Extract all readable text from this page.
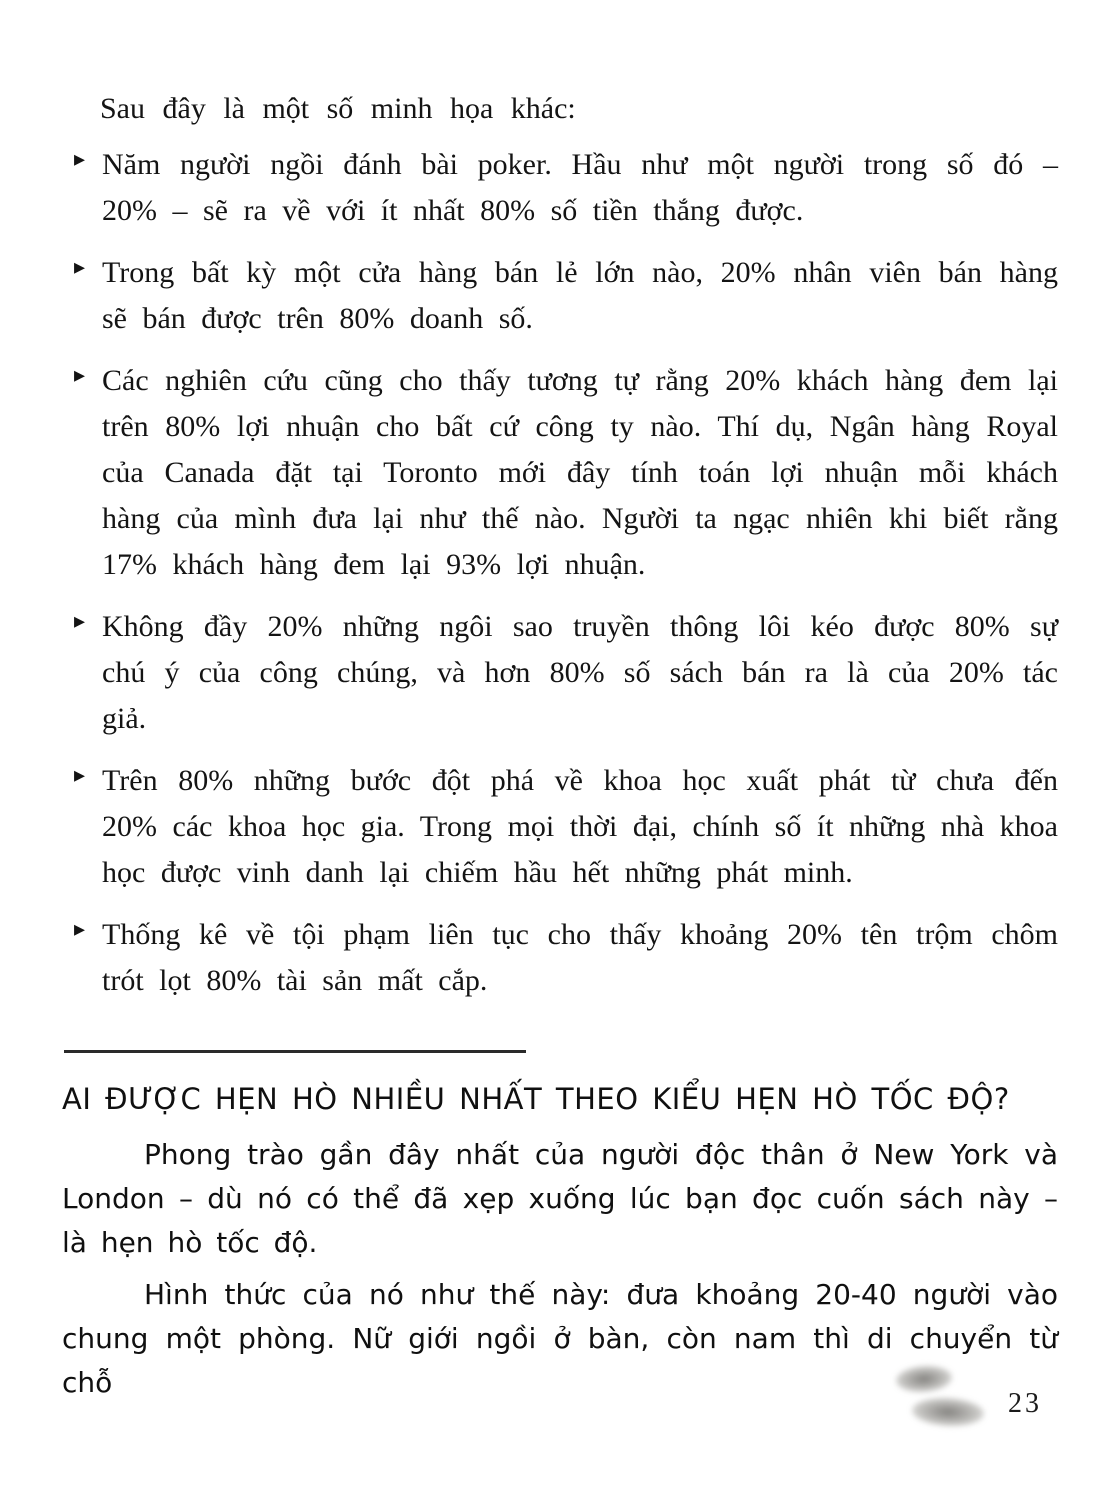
Sau đây là một số minh họa khác:

▸ Năm người ngồi đánh bài poker. Hầu như một người trong số đó – 20% – sẽ ra về với ít nhất 80% số tiền thắng được.
▸ Trong bất kỳ một cửa hàng bán lẻ lớn nào, 20% nhân viên bán hàng sẽ bán được trên 80% doanh số.
▸ Các nghiên cứu cũng cho thấy tương tự rằng 20% khách hàng đem lại trên 80% lợi nhuận cho bất cứ công ty nào. Thí dụ, Ngân hàng Royal của Canada đặt tại Toronto mới đây tính toán lợi nhuận mỗi khách hàng của mình đưa lại như thế nào. Người ta ngạc nhiên khi biết rằng 17% khách hàng đem lại 93% lợi nhuận.
▸ Không đầy 20% những ngôi sao truyền thông lôi kéo được 80% sự chú ý của công chúng, và hơn 80% số sách bán ra là của 20% tác giả.
▸ Trên 80% những bước đột phá về khoa học xuất phát từ chưa đến 20% các khoa học gia. Trong mọi thời đại, chính số ít những nhà khoa học được vinh danh lại chiếm hầu hết những phát minh.
▸ Thống kê về tội phạm liên tục cho thấy khoảng 20% tên trộm chôm trót lọt 80% tài sản mất cắp.
AI ĐƯỢC HẸN HÒ NHIỀU NHẤT THEO KIỂU HẸN HÒ TỐC ĐỘ?

Phong trào gần đây nhất của người độc thân ở New York và London – dù nó có thể đã xẹp xuống lúc bạn đọc cuốn sách này – là hẹn hò tốc độ.

Hình thức của nó như thế này: đưa khoảng 20-40 người vào chung một phòng. Nữ giới ngồi ở bàn, còn nam thì di chuyển từ chỗ

23
